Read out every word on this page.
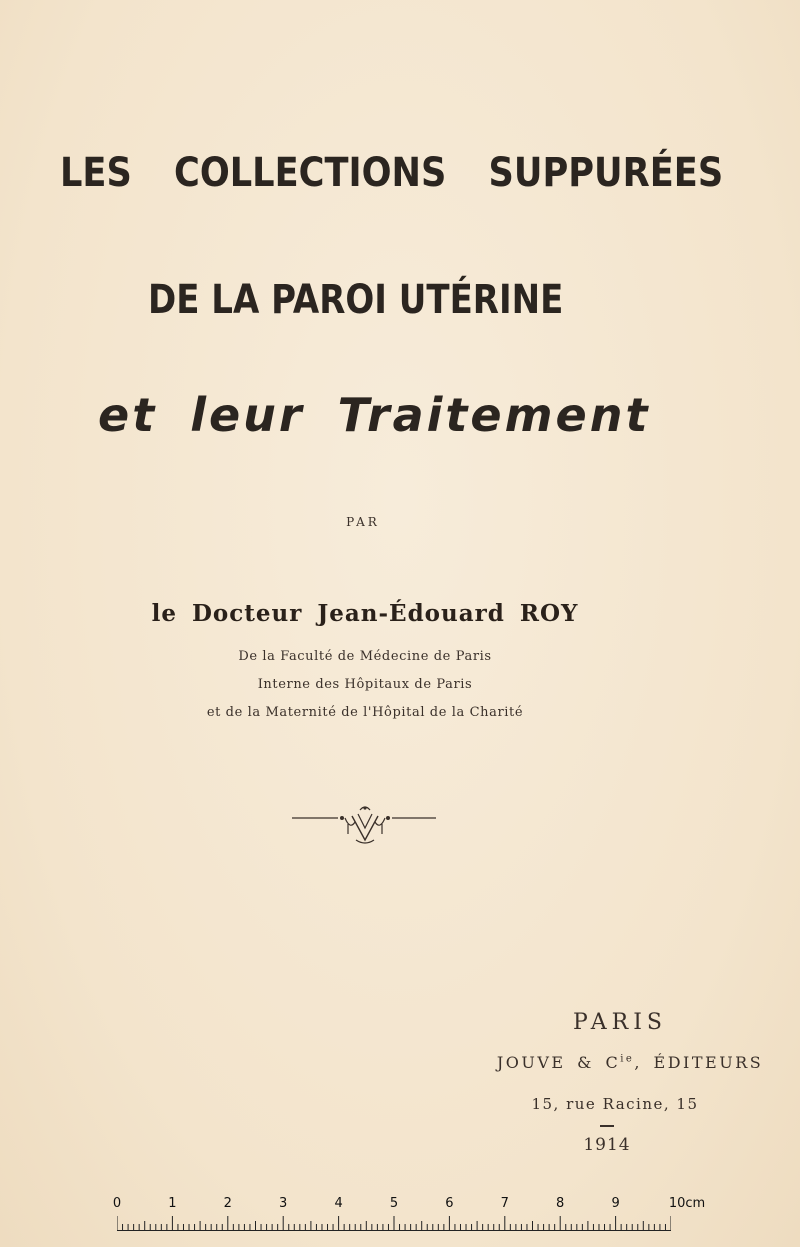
LES COLLECTIONS SUPPURÉES
DE LA PAROI UTÉRINE
et leur Traitement
PAR
le Docteur Jean-Édouard ROY
De la Faculté de Médecine de Paris
Interne des Hôpitaux de Paris
et de la Maternité de l'Hôpital de la Charité
PARIS
JOUVE & $C^{ie}$, ÉDITEURS
15, rue Racine, 15
1914
0	1	2	3	4	5	6	7	8	9	10cm
